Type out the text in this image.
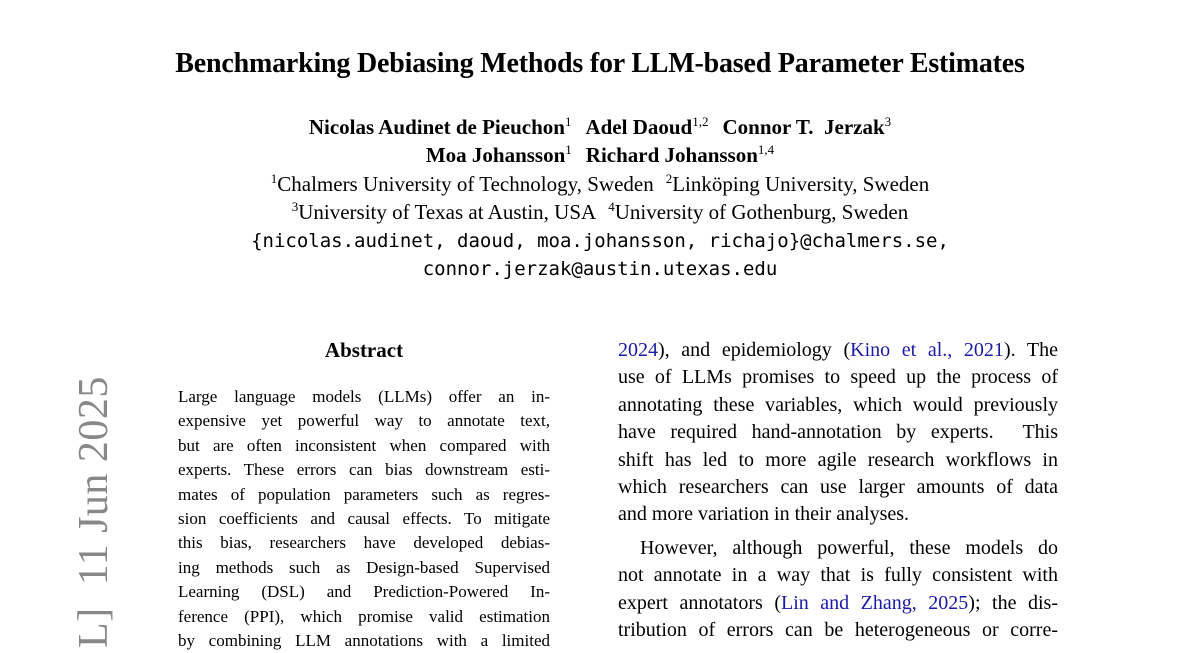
Benchmarking Debiasing Methods for LLM-based Parameter Estimates
Nicolas Audinet de Pieuchon$^1$ Adel Daoud$^{1,2}$ Connor T.  Jerzak$^3$
Moa Johansson$^1$ Richard Johansson$^{1,4}$
$^1$Chalmers University of Technology, Sweden $^2$Linköping University, Sweden
$^3$University of Texas at Austin, USA $^4$University of Gothenburg, Sweden
{nicolas.audinet, daoud, moa.johansson, richajo}@chalmers.se,
connor.jerzak@austin.utexas.edu
L]  11 Jun 2025
Abstract
Large language models (LLMs) offer an in-
expensive yet powerful way to annotate text,
but are often inconsistent when compared with
experts. These errors can bias downstream esti-
mates of population parameters such as regres-
sion coefficients and causal effects. To mitigate
this bias, researchers have developed debias-
ing methods such as Design-based Supervised
Learning (DSL) and Prediction-Powered In-
ference (PPI), which promise valid estimation
by combining LLM annotations with a limited
2024), and epidemiology (Kino et al., 2021). The
use of LLMs promises to speed up the process of
annotating these variables, which would previously
have required hand-annotation by experts.  This
shift has led to more agile research workflows in
which researchers can use larger amounts of data
and more variation in their analyses.
However, although powerful, these models do
not annotate in a way that is fully consistent with
expert annotators (Lin and Zhang, 2025); the dis-
tribution of errors can be heterogeneous or corre-
